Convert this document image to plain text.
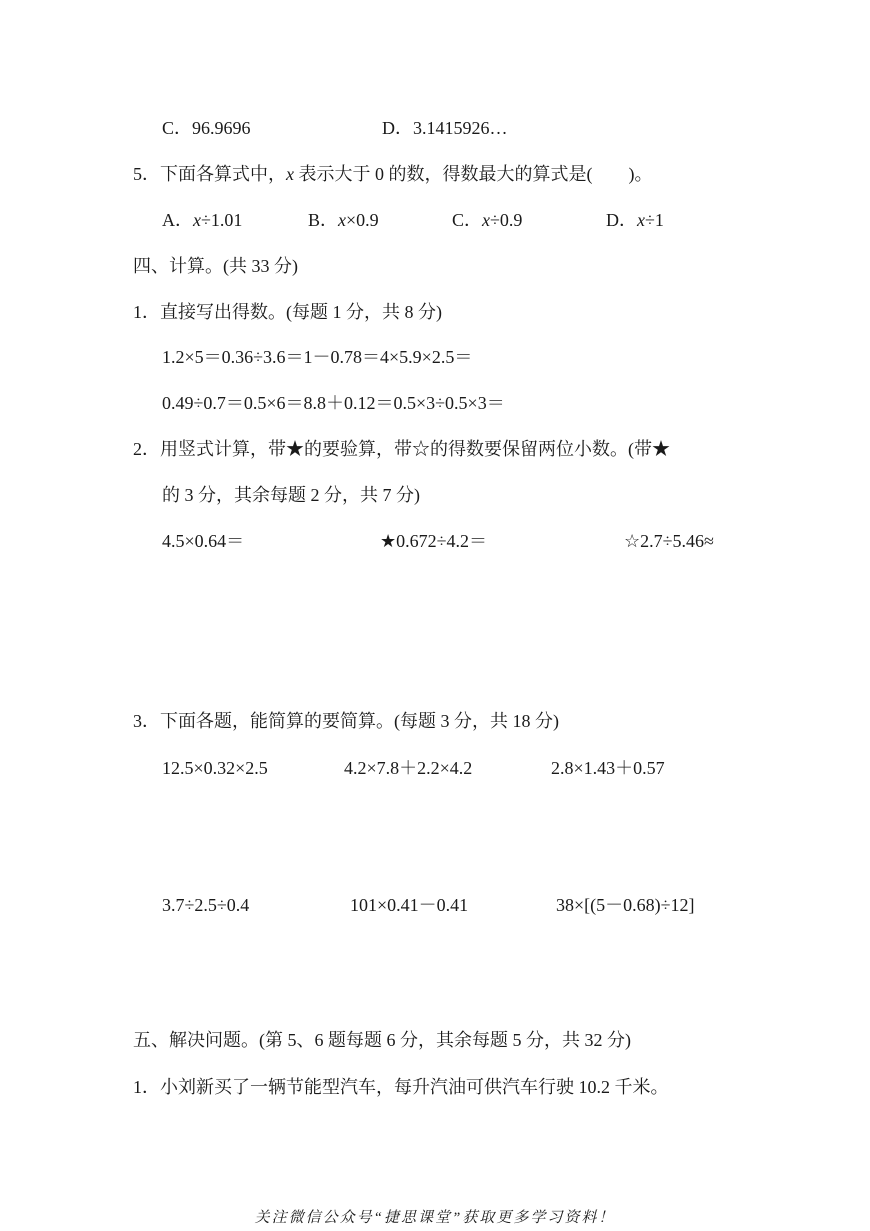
C．96.9696	D．3.1415926…
5．下面各算式中，x 表示大于 0 的数，得数最大的算式是(　　)。
A．x÷1.01	B．x×0.9	C．x÷0.9	D．x÷1
四、计算。(共 33 分)
1．直接写出得数。(每题 1 分，共 8 分)
1.2×5＝0.36÷3.6＝1－0.78＝4×5.9×2.5＝
0.49÷0.7＝0.5×6＝8.8＋0.12＝0.5×3÷0.5×3＝
2．用竖式计算，带★的要验算，带☆的得数要保留两位小数。(带★
的 3 分，其余每题 2 分，共 7 分)
4.5×0.64＝	★0.672÷4.2＝	☆2.7÷5.46≈
3．下面各题，能简算的要简算。(每题 3 分，共 18 分)
12.5×0.32×2.5	4.2×7.8＋2.2×4.2	2.8×1.43＋0.57
3.7÷2.5÷0.4	101×0.41－0.41	38×[(5－0.68)÷12]
五、解决问题。(第 5、6 题每题 6 分，其余每题 5 分，共 32 分)
1．小刘新买了一辆节能型汽车，每升汽油可供汽车行驶 10.2 千米。
关注微信公众号“捷思课堂”获取更多学习资料！
